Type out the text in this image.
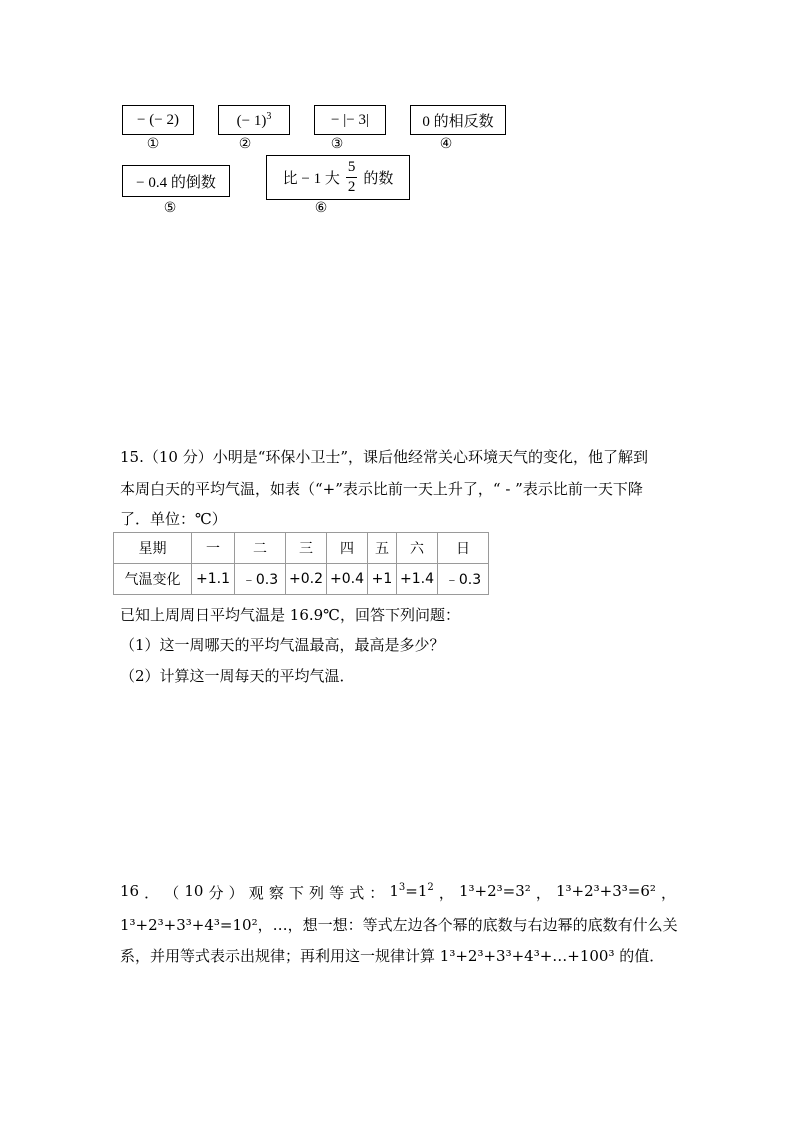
− (− 2)
①
(− 1)$^3$
②
− |− 3|
③
0 的相反数
④
− 0.4 的倒数
⑤
比 − 1 大 $\frac{5}{2}$ 的数
⑥
15.（10 分）小明是“环保小卫士”，课后他经常关心环境天气的变化，他了解到
本周白天的平均气温，如表（“+”表示比前一天上升了，“ - ”表示比前一天下降
了．单位：℃）
星期	一	二	三	四	五	六	日
气温变化	+1.1	﹣0.3	+0.2	+0.4	+1	+1.4	﹣0.3
已知上周周日平均气温是 16.9℃，回答下列问题：
（1）这一周哪天的平均气温最高，最高是多少？
（2）计算这一周每天的平均气温．
16 ． （ 10 分 ） 观 察 下 列 等 式 ： $1^3=1^2$ ， 1³+2³=3² ， 1³+2³+3³=6² ，
1³+2³+3³+4³=10²，…，想一想：等式左边各个幂的底数与右边幂的底数有什么关
系，并用等式表示出规律；再利用这一规律计算 1³+2³+3³+4³+…+100³ 的值．
